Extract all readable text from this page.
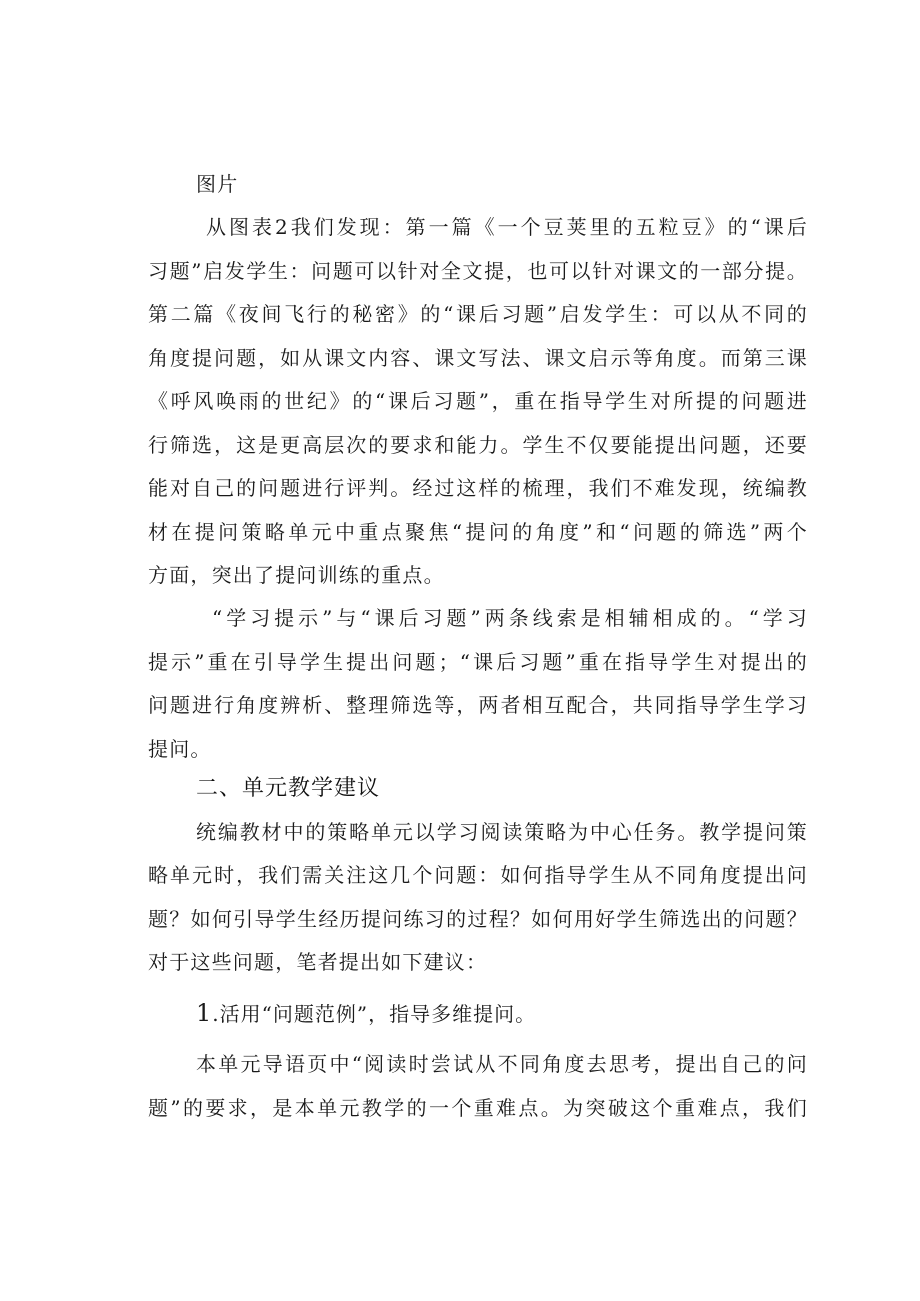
图片
从图表2我们发现：第一篇《一个豆荚里的五粒豆》的“课后
习题”启发学生：问题可以针对全文提，也可以针对课文的一部分提。
第二篇《夜间飞行的秘密》的“课后习题”启发学生：可以从不同的
角度提问题，如从课文内容、课文写法、课文启示等角度。而第三课
《呼风唤雨的世纪》的“课后习题”，重在指导学生对所提的问题进
行筛选，这是更高层次的要求和能力。学生不仅要能提出问题，还要
能对自己的问题进行评判。经过这样的梳理，我们不难发现，统编教
材在提问策略单元中重点聚焦“提问的角度”和“问题的筛选”两个
方面，突出了提问训练的重点。
“学习提示”与“课后习题”两条线索是相辅相成的。“学习
提示”重在引导学生提出问题；“课后习题”重在指导学生对提出的
问题进行角度辨析、整理筛选等，两者相互配合，共同指导学生学习
提问。
二、单元教学建议
统编教材中的策略单元以学习阅读策略为中心任务。教学提问策
略单元时，我们需关注这几个问题：如何指导学生从不同角度提出问
题？如何引导学生经历提问练习的过程？如何用好学生筛选出的问题？
对于这些问题，笔者提出如下建议：
1.活用“问题范例”，指导多维提问。
本单元导语页中“阅读时尝试从不同角度去思考，提出自己的问
题”的要求，是本单元教学的一个重难点。为突破这个重难点，我们
